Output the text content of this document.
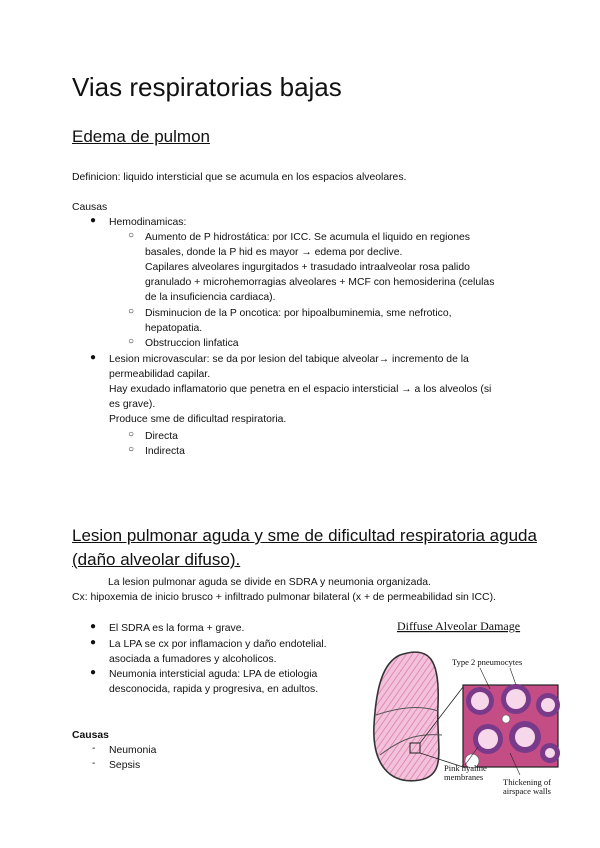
Vias respiratorias bajas
Edema de pulmon
Definicion: liquido intersticial que se acumula en los espacios alveolares.
Causas
● Hemodinamicas:
○ Aumento de P hidrostática: por ICC. Se acumula el liquido en regiones
basales, donde la P hid es mayor → edema por declive.
Capilares alveolares ingurgitados + trasudado intraalveolar rosa palido
granulado + microhemorragias alveolares + MCF con hemosiderina (celulas
de la insuficiencia cardiaca).
○ Disminucion de la P oncotica: por hipoalbuminemia, sme nefrotico,
hepatopatia.
○ Obstruccion linfatica
● Lesion microvascular: se da por lesion del tabique alveolar→ incremento de la
permeabilidad capilar.
Hay exudado inflamatorio que penetra en el espacio intersticial → a los alveolos (si
es grave).
Produce sme de dificultad respiratoria.
○ Directa
○ Indirecta
Lesion pulmonar aguda y sme de dificultad respiratoria aguda
(daño alveolar difuso).
La lesion pulmonar aguda se divide en SDRA y neumonia organizada.
Cx: hipoxemia de inicio brusco + infiltrado pulmonar bilateral (x + de permeabilidad sin ICC).
● El SDRA es la forma + grave.
● La LPA se cx por inflamacion y daño endotelial.
asociada a fumadores y alcoholicos.
● Neumonia intersticial aguda: LPA de etiologia
desconocida, rapida y progresiva, en adultos.
Causas
- Neumonia
- Sepsis
Diffuse Alveolar Damage
Type 2 pneumocytes
Pink hyaline membranes	Thickening of airspace walls
